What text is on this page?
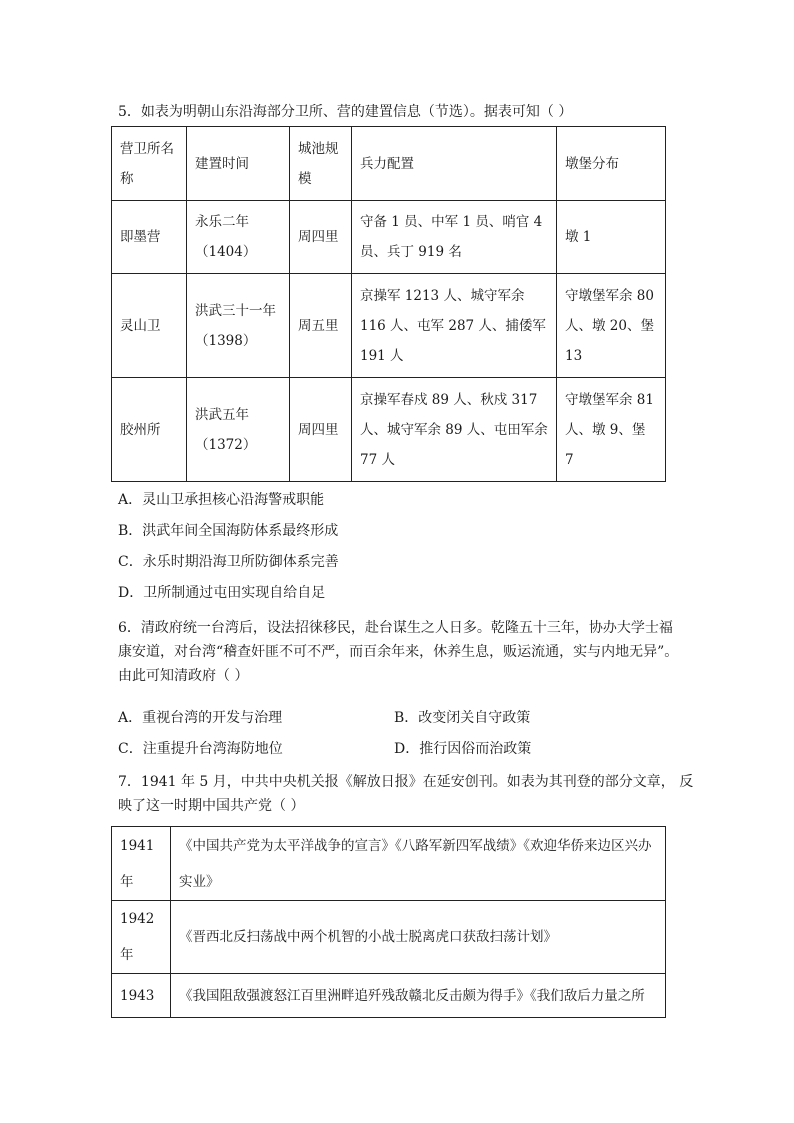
5．如表为明朝山东沿海部分卫所、营的建置信息（节选）。据表可知（ ）
营卫所名称	建置时间	城池规模	兵力配置	墩堡分布
即墨营	永乐二年（1404）	周四里	守备 1 员、中军 1 员、哨官 4 员、兵丁 919 名	墩 1
灵山卫	洪武三十一年（1398）	周五里	京操军 1213 人、城守军余 116 人、屯军 287 人、捕倭军 191 人	守墩堡军余 80 人、墩 20、堡 13
胶州所	洪武五年（1372）	周四里	京操军春戍 89 人、秋戍 317 人、城守军余 89 人、屯田军余 77 人	守墩堡军余 81 人、墩 9、堡 7
A．灵山卫承担核心沿海警戒职能
B．洪武年间全国海防体系最终形成
C．永乐时期沿海卫所防御体系完善
D．卫所制通过屯田实现自给自足
6．清政府统一台湾后，设法招徕移民，赴台谋生之人日多。乾隆五十三年，协办大学士福
康安道，对台湾“稽查奸匪不可不严，而百余年来，休养生息，贩运流通，实与内地无异”。
由此可知清政府（ ）
A．重视台湾的开发与治理	B．改变闭关自守政策
C．注重提升台湾海防地位	D．推行因俗而治政策
7．1941 年 5 月，中共中央机关报《解放日报》在延安创刊。如表为其刊登的部分文章， 反
映了这一时期中国共产党（ ）
1941 年	《中国共产党为太平洋战争的宣言》《八路军新四军战绩》《欢迎华侨来边区兴办实业》
1942 年	《晋西北反扫荡战中两个机智的小战士脱离虎口获敌扫荡计划》
1943	《我国阻敌强渡怒江百里洲畔追歼残敌赣北反击颇为得手》《我们敌后力量之所
